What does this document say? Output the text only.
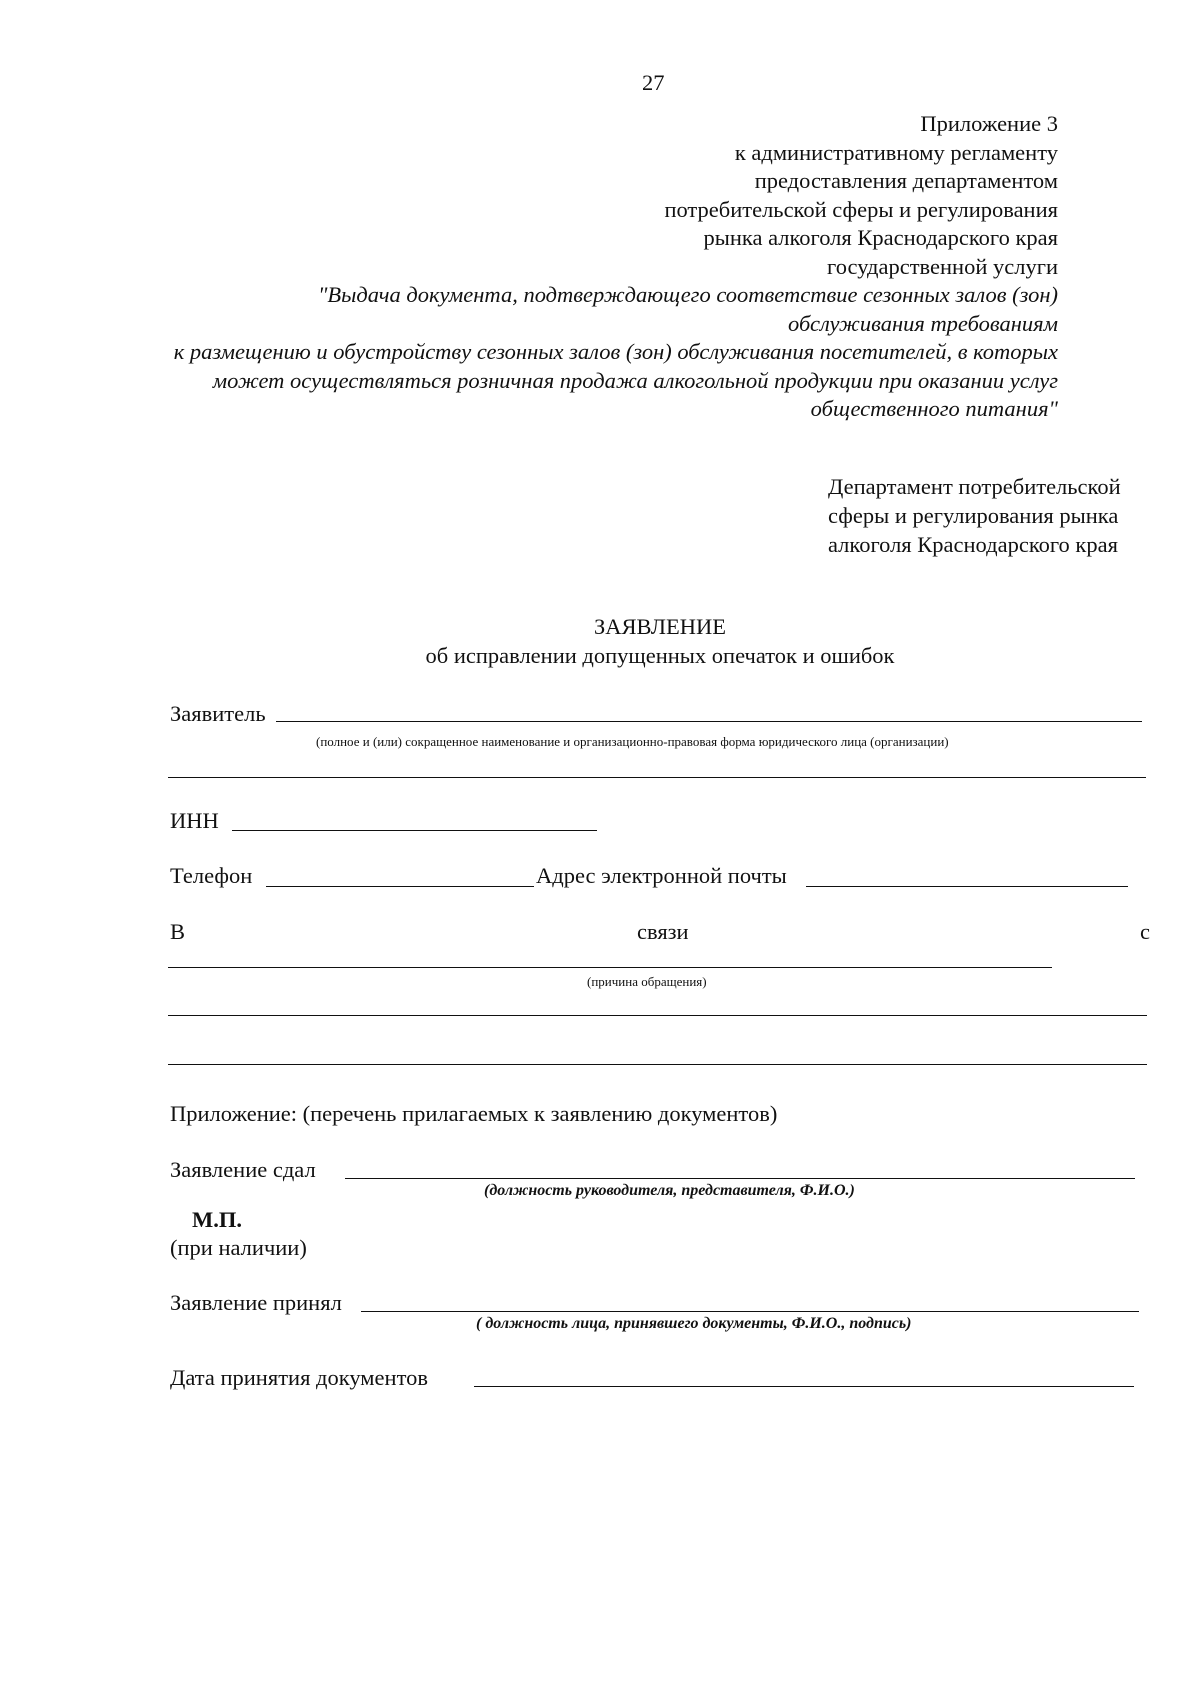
27
Приложение 3
к административному регламенту
предоставления департаментом
потребительской сферы и регулирования
рынка алкоголя Краснодарского края
государственной услуги
"Выдача документа, подтверждающего соответствие сезонных залов (зон)
обслуживания требованиям
к размещению и обустройству сезонных залов (зон) обслуживания посетителей, в которых
может осуществляться розничная продажа алкогольной продукции при оказании услуг
общественного питания"
Департамент потребительской
сферы и регулирования рынка
алкоголя Краснодарского края
ЗАЯВЛЕНИЕ
об исправлении допущенных опечаток и ошибок
Заявитель
(полное и (или) сокращенное наименование и организационно-правовая форма юридического лица (организации)
ИНН
Телефон	Адрес электронной почты
В	связи	с
(причина обращения)
Приложение: (перечень прилагаемых к заявлению документов)
Заявление сдал
(должность руководителя, представителя, Ф.И.О.)
М.П.
(при наличии)
Заявление принял
( должность лица, принявшего документы, Ф.И.О., подпись)
Дата принятия документов
